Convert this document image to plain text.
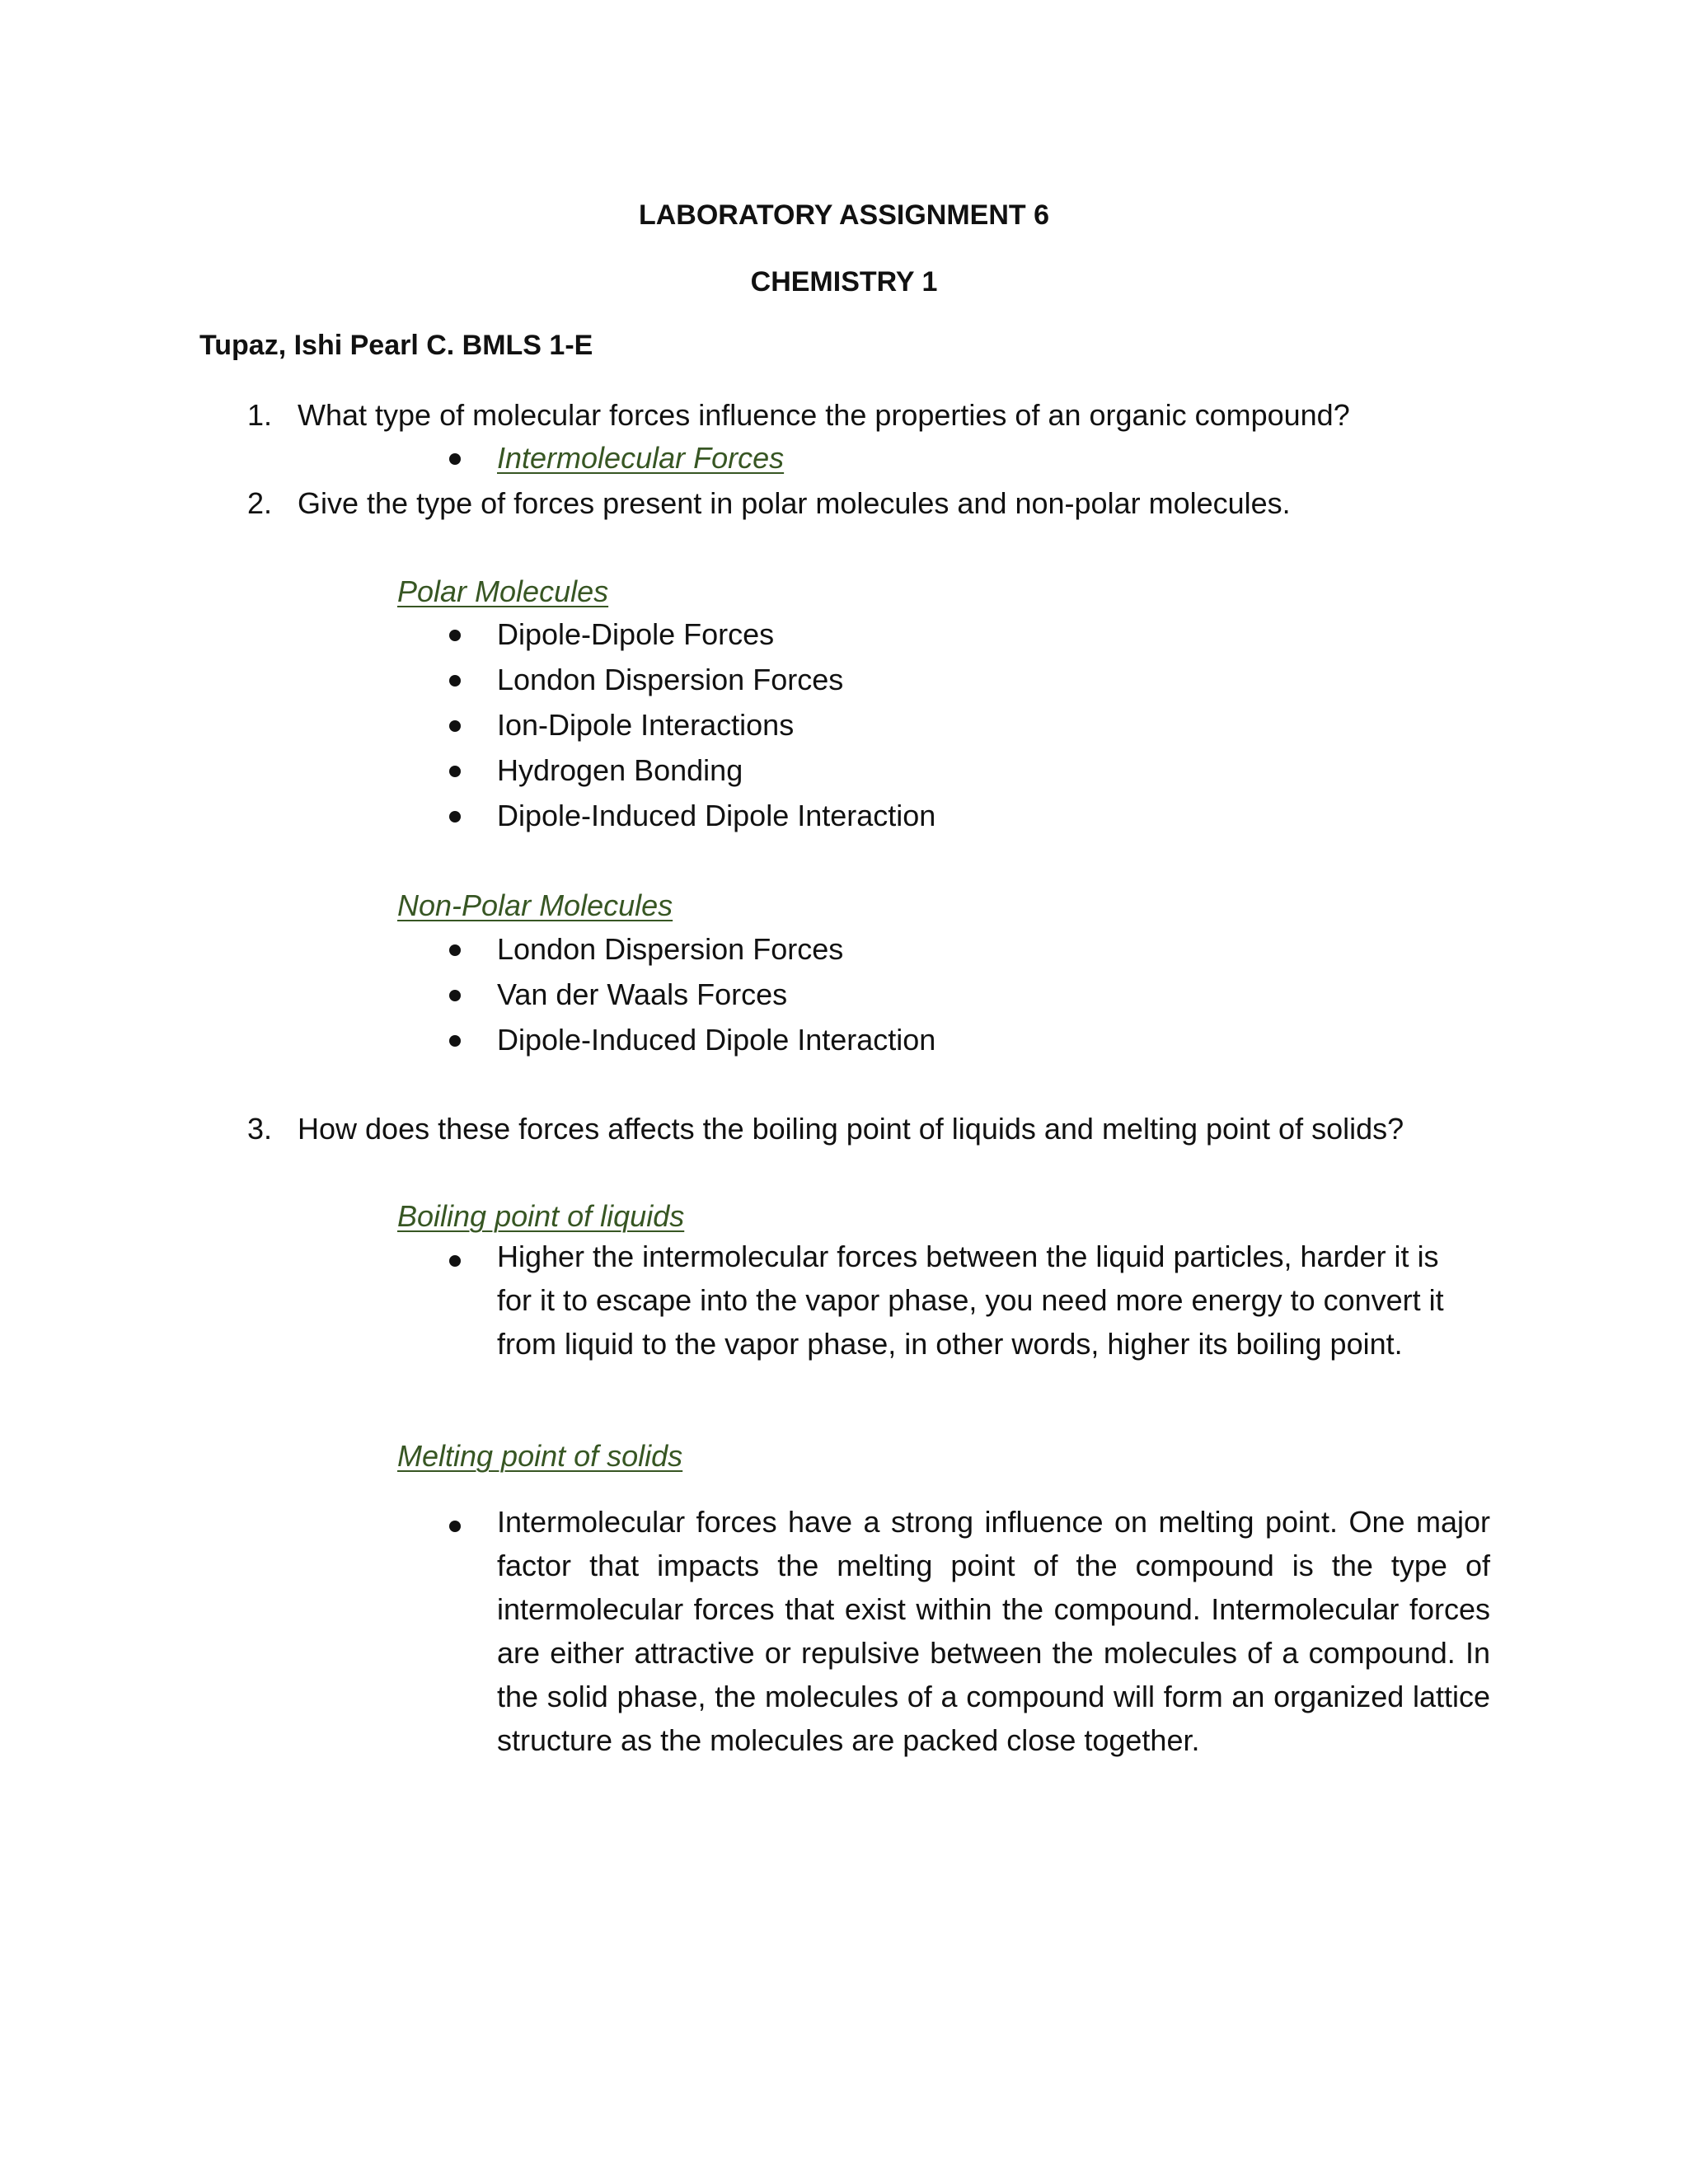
LABORATORY ASSIGNMENT 6
CHEMISTRY 1
Tupaz, Ishi Pearl C. BMLS 1-E
1. What type of molecular forces influence the properties of an organic compound?
Intermolecular Forces
2. Give the type of forces present in polar molecules and non-polar molecules.
Polar Molecules
Dipole-Dipole Forces
London Dispersion Forces
Ion-Dipole Interactions
Hydrogen Bonding
Dipole-Induced Dipole Interaction
Non-Polar Molecules
London Dispersion Forces
Van der Waals Forces
Dipole-Induced Dipole Interaction
3. How does these forces affects the boiling point of liquids and melting point of solids?
Boiling point of liquids
Higher the intermolecular forces between the liquid particles, harder it is for it to escape into the vapor phase, you need more energy to convert it from liquid to the vapor phase, in other words, higher its boiling point.
Melting point of solids
Intermolecular forces have a strong influence on melting point. One major factor that impacts the melting point of the compound is the type of intermolecular forces that exist within the compound. Intermolecular forces are either attractive or repulsive between the molecules of a compound. In the solid phase, the molecules of a compound will form an organized lattice structure as the molecules are packed close together.
